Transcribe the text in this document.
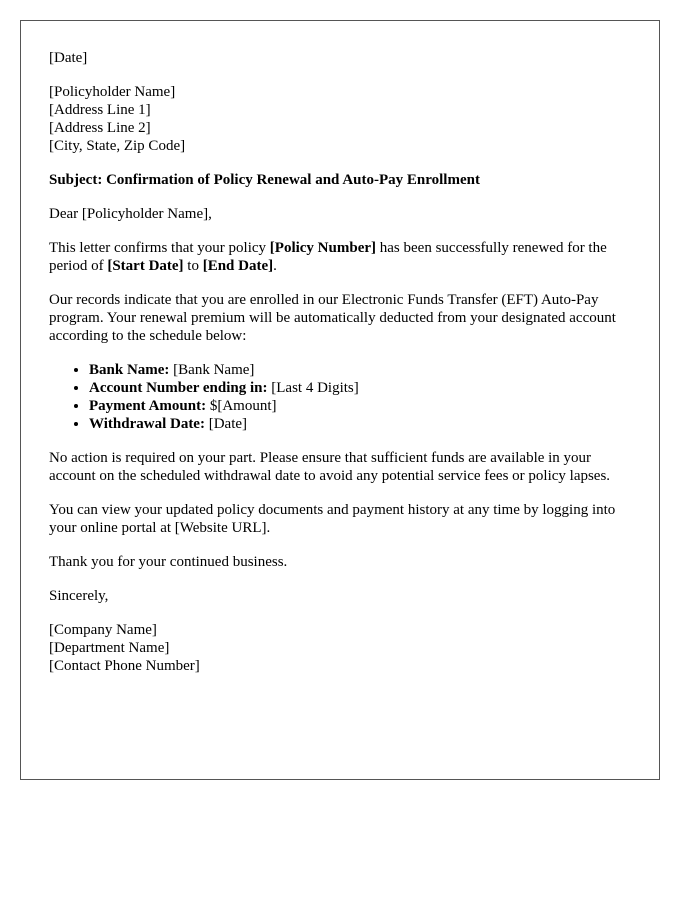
[Date]
[Policyholder Name]
[Address Line 1]
[Address Line 2]
[City, State, Zip Code]
Subject: Confirmation of Policy Renewal and Auto-Pay Enrollment
Dear [Policyholder Name],
This letter confirms that your policy [Policy Number] has been successfully renewed for the period of [Start Date] to [End Date].
Our records indicate that you are enrolled in our Electronic Funds Transfer (EFT) Auto-Pay program. Your renewal premium will be automatically deducted from your designated account according to the schedule below:
• Bank Name: [Bank Name]
• Account Number ending in: [Last 4 Digits]
• Payment Amount: $[Amount]
• Withdrawal Date: [Date]
No action is required on your part. Please ensure that sufficient funds are available in your account on the scheduled withdrawal date to avoid any potential service fees or policy lapses.
You can view your updated policy documents and payment history at any time by logging into your online portal at [Website URL].
Thank you for your continued business.
Sincerely,
[Company Name]
[Department Name]
[Contact Phone Number]
